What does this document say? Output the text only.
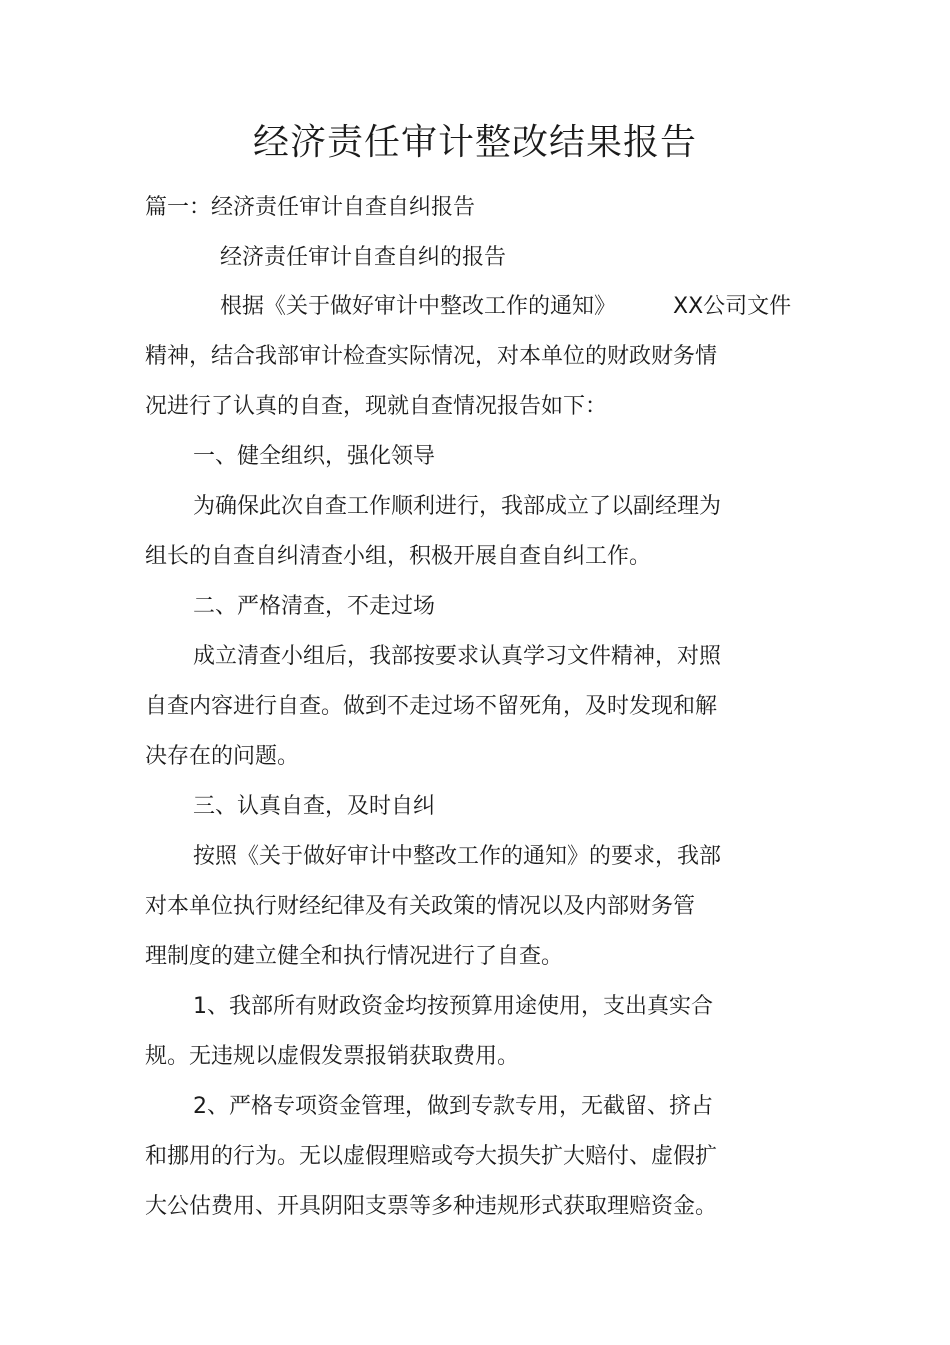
经济责任审计整改结果报告

篇一：经济责任审计自查自纠报告

经济责任审计自查自纠的报告

根据《关于做好审计中整改工作的通知》	XX公司文件

精神，结合我部审计检查实际情况，对本单位的财政财务情

况进行了认真的自查，现就自查情况报告如下：

一、健全组织，强化领导

为确保此次自查工作顺利进行，我部成立了以副经理为

组长的自查自纠清查小组，积极开展自查自纠工作。

二、严格清查，不走过场

成立清查小组后，我部按要求认真学习文件精神，对照

自查内容进行自查。做到不走过场不留死角，及时发现和解

决存在的问题。

三、认真自查，及时自纠

按照《关于做好审计中整改工作的通知》的要求，我部

对本单位执行财经纪律及有关政策的情况以及内部财务管

理制度的建立健全和执行情况进行了自查。

1、我部所有财政资金均按预算用途使用，支出真实合

规。无违规以虚假发票报销获取费用。

2、严格专项资金管理，做到专款专用，无截留、挤占

和挪用的行为。无以虚假理赔或夸大损失扩大赔付、虚假扩

大公估费用、开具阴阳支票等多种违规形式获取理赔资金。
